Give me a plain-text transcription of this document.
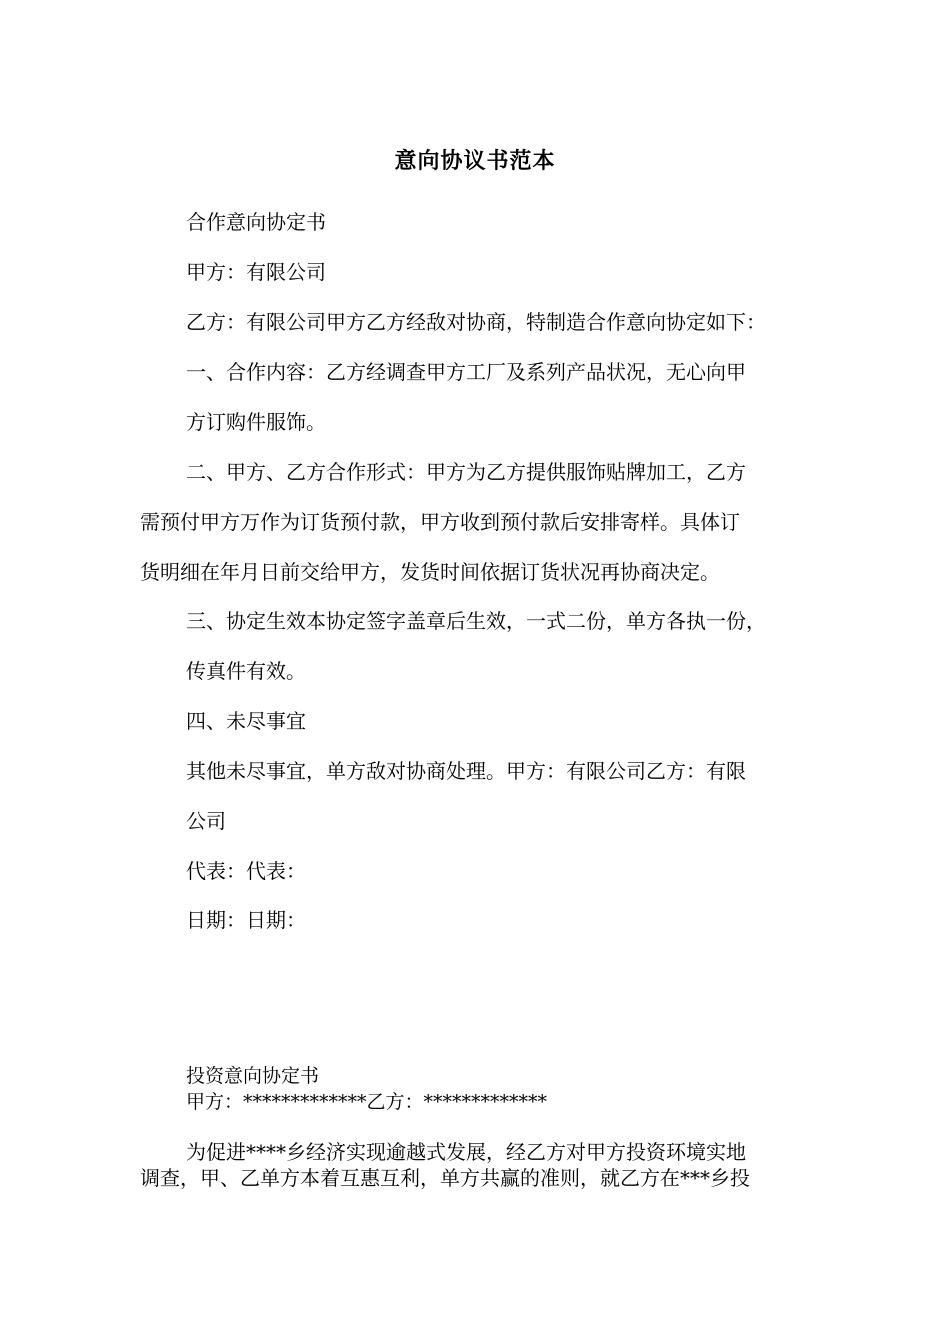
意向协议书范本
合作意向协定书
甲方：有限公司
乙方：有限公司甲方乙方经敌对协商，特制造合作意向协定如下：
一、合作内容：乙方经调查甲方工厂及系列产品状况，无心向甲
方订购件服饰。
二、甲方、乙方合作形式：甲方为乙方提供服饰贴牌加工，乙方
需预付甲方万作为订货预付款，甲方收到预付款后安排寄样。具体订
货明细在年月日前交给甲方，发货时间依据订货状况再协商决定。
三、协定生效本协定签字盖章后生效，一式二份，单方各执一份，
传真件有效。
四、未尽事宜
其他未尽事宜，单方敌对协商处理。甲方：有限公司乙方：有限
公司
代表：代表：
日期：日期：
投资意向协定书
甲方：*************乙方：*************
为促进****乡经济实现逾越式发展，经乙方对甲方投资环境实地
调查，甲、乙单方本着互惠互利，单方共赢的准则，就乙方在***乡投
